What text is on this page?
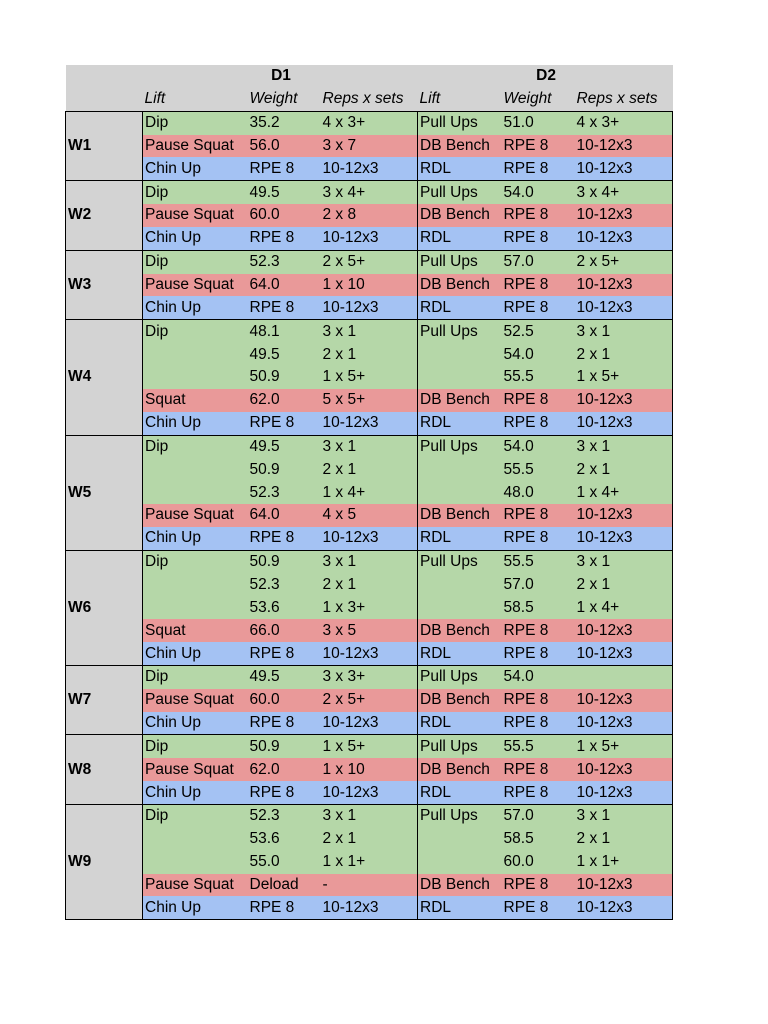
	D1			D2		
	Lift	Weight	Reps x sets	Lift	Weight	Reps x sets
W1	Dip	35.2	4 x 3+	Pull Ups	51.0	4 x 3+
	Pause Squat	56.0	3 x 7	DB Bench	RPE 8	10-12x3
	Chin Up	RPE 8	10-12x3	RDL	RPE 8	10-12x3
W2	Dip	49.5	3 x 4+	Pull Ups	54.0	3 x 4+
	Pause Squat	60.0	2 x 8	DB Bench	RPE 8	10-12x3
	Chin Up	RPE 8	10-12x3	RDL	RPE 8	10-12x3
W3	Dip	52.3	2 x 5+	Pull Ups	57.0	2 x 5+
	Pause Squat	64.0	1 x 10	DB Bench	RPE 8	10-12x3
	Chin Up	RPE 8	10-12x3	RDL	RPE 8	10-12x3
W4	Dip	48.1	3 x 1	Pull Ups	52.5	3 x 1
		49.5	2 x 1		54.0	2 x 1
		50.9	1 x 5+		55.5	1 x 5+
	Squat	62.0	5 x 5+	DB Bench	RPE 8	10-12x3
	Chin Up	RPE 8	10-12x3	RDL	RPE 8	10-12x3
W5	Dip	49.5	3 x 1	Pull Ups	54.0	3 x 1
		50.9	2 x 1		55.5	2 x 1
		52.3	1 x 4+		48.0	1 x 4+
	Pause Squat	64.0	4 x 5	DB Bench	RPE 8	10-12x3
	Chin Up	RPE 8	10-12x3	RDL	RPE 8	10-12x3
W6	Dip	50.9	3 x 1	Pull Ups	55.5	3 x 1
		52.3	2 x 1		57.0	2 x 1
		53.6	1 x 3+		58.5	1 x 4+
	Squat	66.0	3 x 5	DB Bench	RPE 8	10-12x3
	Chin Up	RPE 8	10-12x3	RDL	RPE 8	10-12x3
W7	Dip	49.5	3 x 3+	Pull Ups	54.0	
	Pause Squat	60.0	2 x 5+	DB Bench	RPE 8	10-12x3
	Chin Up	RPE 8	10-12x3	RDL	RPE 8	10-12x3
W8	Dip	50.9	1 x 5+	Pull Ups	55.5	1 x 5+
	Pause Squat	62.0	1 x 10	DB Bench	RPE 8	10-12x3
	Chin Up	RPE 8	10-12x3	RDL	RPE 8	10-12x3
W9	Dip	52.3	3 x 1	Pull Ups	57.0	3 x 1
		53.6	2 x 1		58.5	2 x 1
		55.0	1 x 1+		60.0	1 x 1+
	Pause Squat	Deload	-	DB Bench	RPE 8	10-12x3
	Chin Up	RPE 8	10-12x3	RDL	RPE 8	10-12x3
